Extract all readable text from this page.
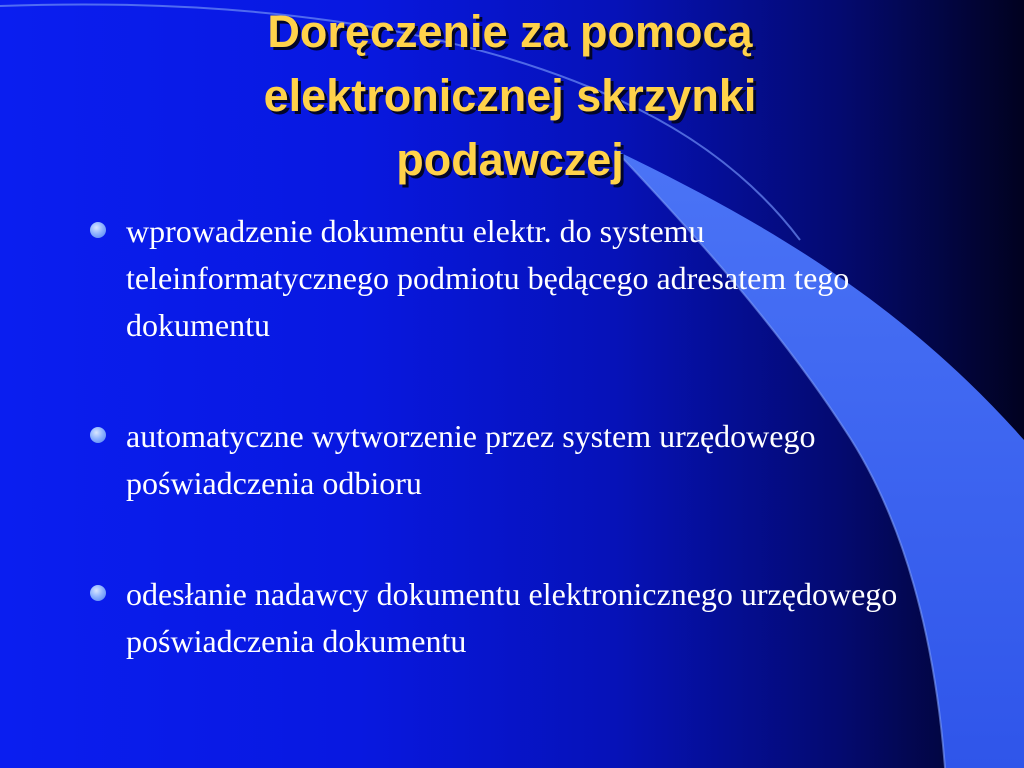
Doręczenie za pomocą elektronicznej skrzynki podawczej
wprowadzenie dokumentu elektr. do systemu teleinformatycznego podmiotu będącego adresatem tego dokumentu
automatyczne wytworzenie przez system urzędowego poświadczenia odbioru
odesłanie nadawcy dokumentu elektronicznego urzędowego poświadczenia dokumentu
